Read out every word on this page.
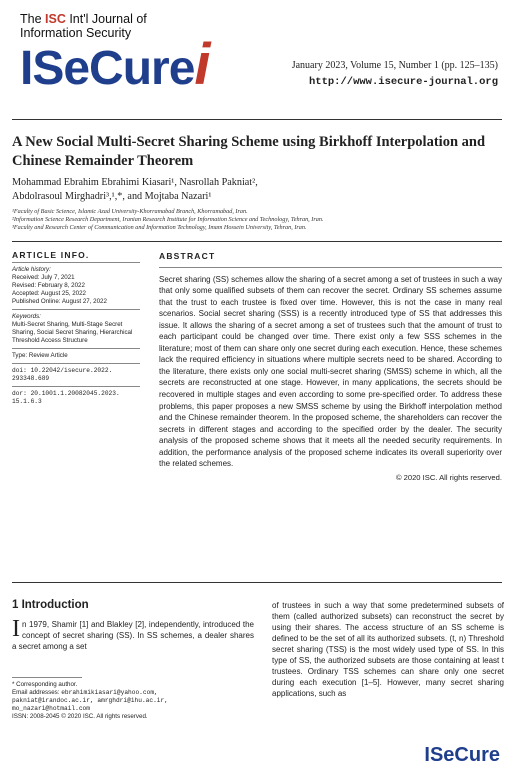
The ISC Int'l Journal of
Information Security
ISeCurei	January 2023, Volume 15, Number 1 (pp. 125–135)
http://www.isecure-journal.org
A New Social Multi-Secret Sharing Scheme using Birkhoff Interpolation and Chinese Remainder Theorem
Mohammad Ebrahim Ebrahimi Kiasari¹, Nasrollah Pakniat²,
Abdolrasoul Mirghadri³,¹,*, and Mojtaba Nazari¹
¹Faculty of Basic Science, Islamic Azad University-Khorramabad Branch, Khorramabad, Iran.
²Information Science Research Department, Iranian Research Institute for Information Science and Technology, Tehran, Iran.
³Faculty and Research Center of Communication and Information Technology, Imam Hossein University, Tehran, Iran.
ARTICLE INFO.
Article history:
Received: July 7, 2021
Revised: February 8, 2022
Accepted: August 25, 2022
Published Online: August 27, 2022
Keywords:
Multi-Secret Sharing, Multi-Stage Secret Sharing, Social Secret Sharing, Hierarchical Threshold Access Structure
Type: Review Article
doi: 10.22042/isecure.2022. 293348.689
dor: 20.1001.1.20082045.2023. 15.1.6.3
ABSTRACT

Secret sharing (SS) schemes allow the sharing of a secret among a set of trustees in such a way that only some qualified subsets of them can recover the secret. Ordinary SS schemes assume that the trust to each trustee is fixed over time. However, this is not the case in many real scenarios. Social secret sharing (SSS) is a recently introduced type of SS that addresses this issue. It allows the sharing of a secret among a set of trustees such that the amount of trust to each participant could be changed over time. There exist only a few SSS schemes in the literature; most of them can share only one secret during each execution. Hence, these schemes lack the required efficiency in situations where multiple secrets need to be shared. According to the literature, there exists only one social multi-secret sharing (SMSS) scheme in which, all the secrets are reconstructed at one stage. However, in many applications, the secrets should be recovered in multiple stages and even according to some pre-specified order. To address these problems, this paper proposes a new SMSS scheme by using the Birkhoff interpolation method and the Chinese remainder theorem. In the proposed scheme, the shareholders can recover the secrets in different stages and according to the specified order by the dealer. The security analysis of the proposed scheme shows that it meets all the needed security requirements. In addition, the performance analysis of the proposed scheme indicates its overall superiority over the related schemes.

© 2020 ISC. All rights reserved.
1 Introduction
In 1979, Shamir [1] and Blakley [2], independently, introduced the concept of secret sharing (SS). In SS schemes, a dealer shares a secret among a set
of trustees in such a way that some predetermined subsets of them (called authorized subsets) can reconstruct the secret by using their shares. The access structure of an SS scheme is defined to be the set of all its authorized subsets. (t, n) Threshold secret sharing (TSS) is the most widely used type of SS. In this type of SS, the authorized subsets are those containing at least t trustees. Ordinary TSS schemes can share only one secret during each execution [1–5]. However, many secret sharing applications, such as
* Corresponding author.
Email addresses: ebrahimikiasari@yahoo.com,
pakniat@irandoc.ac.ir, amrghdri@ihu.ac.ir,
mo_nazari@hotmail.com
ISSN: 2008-2045 © 2020 ISC. All rights reserved.
ISeCure
